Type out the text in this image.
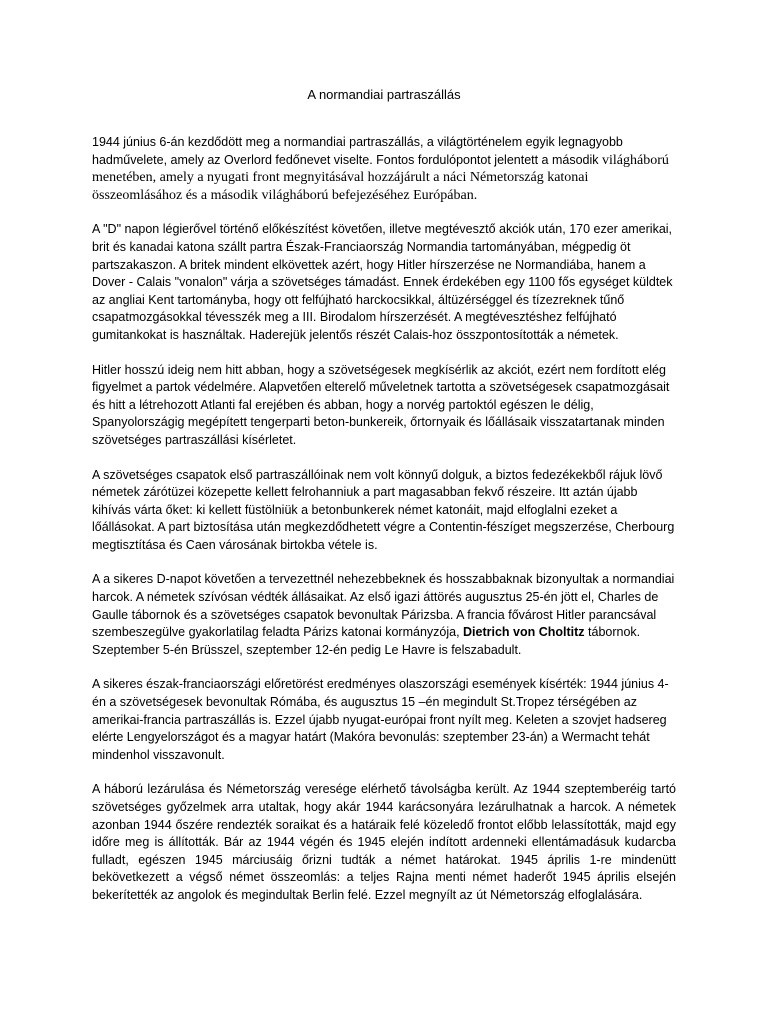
A normandiai partraszállás

1944 június 6-án kezdődött meg a normandiai partraszállás, a világtörténelem egyik legnagyobb hadművelete, amely az Overlord fedőnevet viselte. Fontos fordulópontot jelentett a második világháború menetében, amely a nyugati front megnyitásával hozzájárult a náci Németország katonai összeomlásához és a második világháború befejezéséhez Európában.

A "D" napon légierővel történő előkészítést követően, illetve megtévesztő akciók után, 170 ezer amerikai, brit és kanadai katona szállt partra Észak-Franciaország Normandia tartományában, mégpedig öt partszakaszon. A britek mindent elkövettek azért, hogy Hitler hírszerzése ne Normandiába, hanem a Dover - Calais "vonalon" várja a szövetséges támadást. Ennek érdekében egy 1100 fős egységet küldtek az angliai Kent tartományba, hogy ott felfújható harckocsikkal, áltüzérséggel és tízezreknek tűnő csapatmozgásokkal tévesszék meg a III. Birodalom hírszerzését. A megtévesztéshez felfújható gumitankokat is használtak. Haderejük jelentős részét Calais-hoz összpontosították a németek.

Hitler hosszú ideig nem hitt abban, hogy a szövetségesek megkísérlik az akciót, ezért nem fordított elég figyelmet a partok védelmére. Alapvetően elterelő műveletnek tartotta a szövetségesek csapatmozgásait és hitt a létrehozott Atlanti fal erejében és abban, hogy a norvég partoktól egészen le délig, Spanyolországig megépített tengerparti beton-bunkereik, őrtornyaik és lőállásaik visszatartanak minden szövetséges partraszállási kísérletet.

A szövetséges csapatok első partraszállóinak nem volt könnyű dolguk, a biztos fedezékekből rájuk lövő németek zárótüzei közepette kellett felrohanniuk a part magasabban fekvő részeire. Itt aztán újabb kihívás várta őket: ki kellett füstölniük a betonbunkerek német katonáit, majd elfoglalni ezeket a lőállásokat. A part biztosítása után megkezdődhetett végre a Contentin-fészíget megszerzése, Cherbourg megtisztítása és Caen városának birtokba vétele is.

A a sikeres D-napot követően a tervezettnél nehezebbeknek és hosszabbaknak bizonyultak a normandiai harcok. A németek szívósan védték állásaikat. Az első igazi áttörés augusztus 25-én jött el, Charles de Gaulle tábornok és a szövetséges csapatok bevonultak Párizsba. A francia fővárost Hitler parancsával szembeszegülve gyakorlatilag feladta Párizs katonai kormányzója, Dietrich von Choltitz tábornok. Szeptember 5-én Brüsszel, szeptember 12-én pedig Le Havre is felszabadult.

A sikeres észak-franciaországi előretörést eredményes olaszországi események kísérték: 1944 június 4-én a szövetségesek bevonultak Rómába, és augusztus 15 –én megindult St.Tropez térségében az amerikai-francia partraszállás is. Ezzel újabb nyugat-európai front nyílt meg. Keleten a szovjet hadsereg elérte Lengyelországot és a magyar határt (Makóra bevonulás: szeptember 23-án) a Wermacht tehát mindenhol visszavonult.

A háború lezárulása és Németország veresége elérhető távolságba került. Az 1944 szeptemberéig tartó szövetséges győzelmek arra utaltak, hogy akár 1944 karácsonyára lezárulhatnak a harcok. A németek azonban 1944 őszére rendezték soraikat és a határaik felé közeledő frontot előbb lelassították, majd egy időre meg is állították. Bár az 1944 végén és 1945 elején indított ardenneki ellentámadásuk kudarcba fulladt, egészen 1945 márciusáig őrizni tudták a német határokat. 1945 április 1-re mindenütt bekövetkezett a végső német összeomlás: a teljes Rajna menti német haderőt 1945 április elsején bekerítették az angolok és megindultak Berlin felé. Ezzel megnyílt az út Németország elfoglalására.
